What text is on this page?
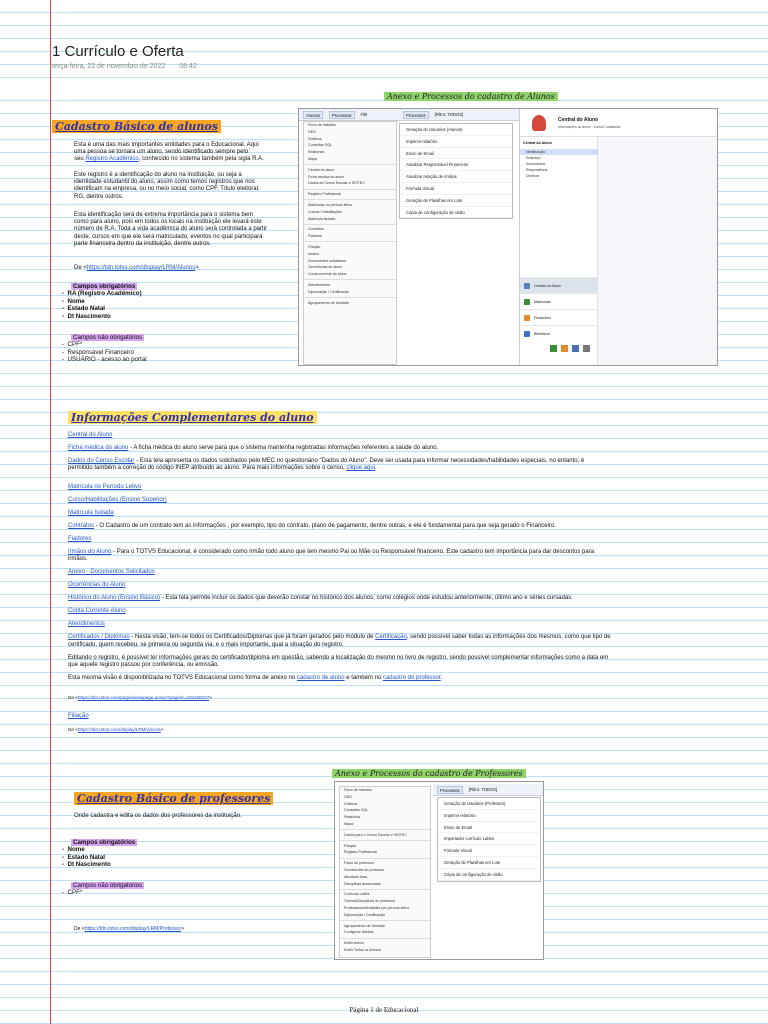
1 Currículo e Oferta
terça-feira, 22 de novembro de 2022 08:42
Anexo e Processos do cadastro de Alunos
Cadastro Básico de alunos
Esta é uma das mais importantes entidades para o Educacional. Aqui
uma pessoa se tornara um aluno, sendo identificado sempre pelo
seu Registro Acadêmico, conhecido no sistema também pela sigla R.A.
Este registro é a identificação do aluno na instituição, ou seja a
identidade estudantil do aluno, assim como temos registros que nos
identificam na empresa, ou no meio social, como CPF, Título eleitoral,
RG, dentre outros.
Esta identificação será de extrema importância para o sistema bem
como para aluno, pois em todos os locais na instituição ele levará este
número de R.A. Toda a vida acadêmica do aluno será controlada a partir
deste, cursos em que ele será matriculado, eventos no qual participará
parte financeira dentro da instituição, dentre outros.
De <https://tdn.totvs.com/display/LRM/Alunos>
Campos obrigatórios
-  RA (Registro Acadêmico)
-  Nome
-  Estado Natal
-  Dt Nascimento
Campos não obrigatórios
-  CPF*
-  Responsável Financeiro
-  USUÁRIO - acesso ao portal
Anexos	Processos	Filtr
Fluxo de trabalho
GED
Gráficos
Consultas SQL
Relatórios
Mapa
Central do aluno
Ficha médica do aluno
Dados do Censo Escolar e SISTEC
Registro Profissional
Matrículas no período letivo
Cursos / Habilitações
Matrícula isolada
Contratos
Fiadores
Filiação
Irmãos
Documentos solicitados
Ocorrências do aluno
Conta corrente do aluno
Atendimentos
Diplomação / Certificação
Agrupamento de Unidade
Processos	[Filtro: TODOS]
Geração de Usuários (Alunos)
Imprimir relatório
Envio de Email
Atualizar Responsável Financeiro
Atualizar relação de irmãos
Fórmula Visual
Geração de Planilhas em Lote
Cópia de configuração de visão
Central do Aluno
Informações do aluno - Dados Cadastrais
Central do Aluno
Identificação
Endereço
Documentos
Responsáveis
Diversos
Central do Aluno
Matrículas
Financeiro
Biblioteca
Informações Complementares do aluno
Central do Aluno
Ficha médica do aluno - A ficha médica do aluno serve para que o sistema mantenha registradas informações referentes a saúde do aluno.
Dados do Censo Escolar - Esta tela apresenta os dados solicitados pelo MEC no questionário "Dados do Aluno". Deve ser usada para informar necessidades/habilidades especiais, no entanto, é
permitido também a correção do código INEP atribuído ao aluno. Para mais informações sobre o censo, clique aqui.
Matrícula no Período Letivo
Curso/Habilitações (Ensino Superior)
Matrícula Isolada
Contratos - O Cadastro de um contrato tem as informações , por exemplo, tipo do contrato, plano de pagamento, dentre outras, e ele é fundamental para que seja gerado o Financeiro.
Fiadores
Irmãos do Aluno - Para o TOTVS Educacional, é considerado como irmão todo aluno que tem mesmo Pai ou Mãe ou Responsável financeiro. Este cadastro tem importância para dar descontos para
irmãos.
Anexo - Documentos Solicitados
Ocorrências do Aluno
Histórico do Aluno (Ensino Básico) - Esta tela permite incluir os dados que deverão constar no histórico dos alunos, como colégios onde estudou anteriormente, último ano e séries cursadas.
Conta Corrente Aluno
Atendimentos
Certificados / Diplomas - Nesta visão, tem-se todos os Certificados/Diplomas que já foram gerados pelo módulo de Certificação, sendo possível saber todas as informações dos mesmos, como que tipo de
certificado, quem recebeu, se primeira ou segunda via, e o mais importante, qual a situação do registro.
Editando o registro, é possível ter informações gerais do certificado/diploma em questão, sabendo a localização do mesmo no livro de registro, sendo possível complementar informações como a data em
que aquele registro passou por conferência, ou emissão.
Esta mesma visão é disponibilizada no TOTVS Educacional como forma de anexo no cadastro de aluno e também no cadastro do professor.
De <https://tdn.totvs.com/pages/viewpage.action?pageId=425458537>
Filiação
De <https://tdn.totvs.com/display/LRM/Alunos>
Anexo e Processos do cadastro de Professores
Cadastro Básico de professores
Onde cadastra e edita os dados dos professores da instituição.
Campos obrigatórios
-  Nome
-  Estado Natal
-  Dt Nascimento
Campos não obrigatórios
-  CPF*
De <https://tdn.totvs.com/display/LRM/Professor>
Fluxo de trabalho
GED
Gráficos
Consultas SQL
Relatórios
Mapa
Dados para o Censo Escolar e SISTEC
Filiação
Registro Profissional
Fotos do professor
Ocorrências do professor
Atividade fixas
Disciplinas autorizadas
Currículo Lattes
Turmas/Disciplinas do professor
Professores/atividades por período letivo
Diplomação / Certificação
Agrupamento de Unidade
Configurar direitos
Exibir Anexo
Exibir Todos os Anexos
Processos	[Filtro: TODOS]
Geração de Usuários (Professor)
Imprimir relatório
Envio de Email
Importador currículo Lattes
Fórmula Visual
Geração de Planilhas em Lote
Cópia de configuração de visão
Página 1 de Educacional
